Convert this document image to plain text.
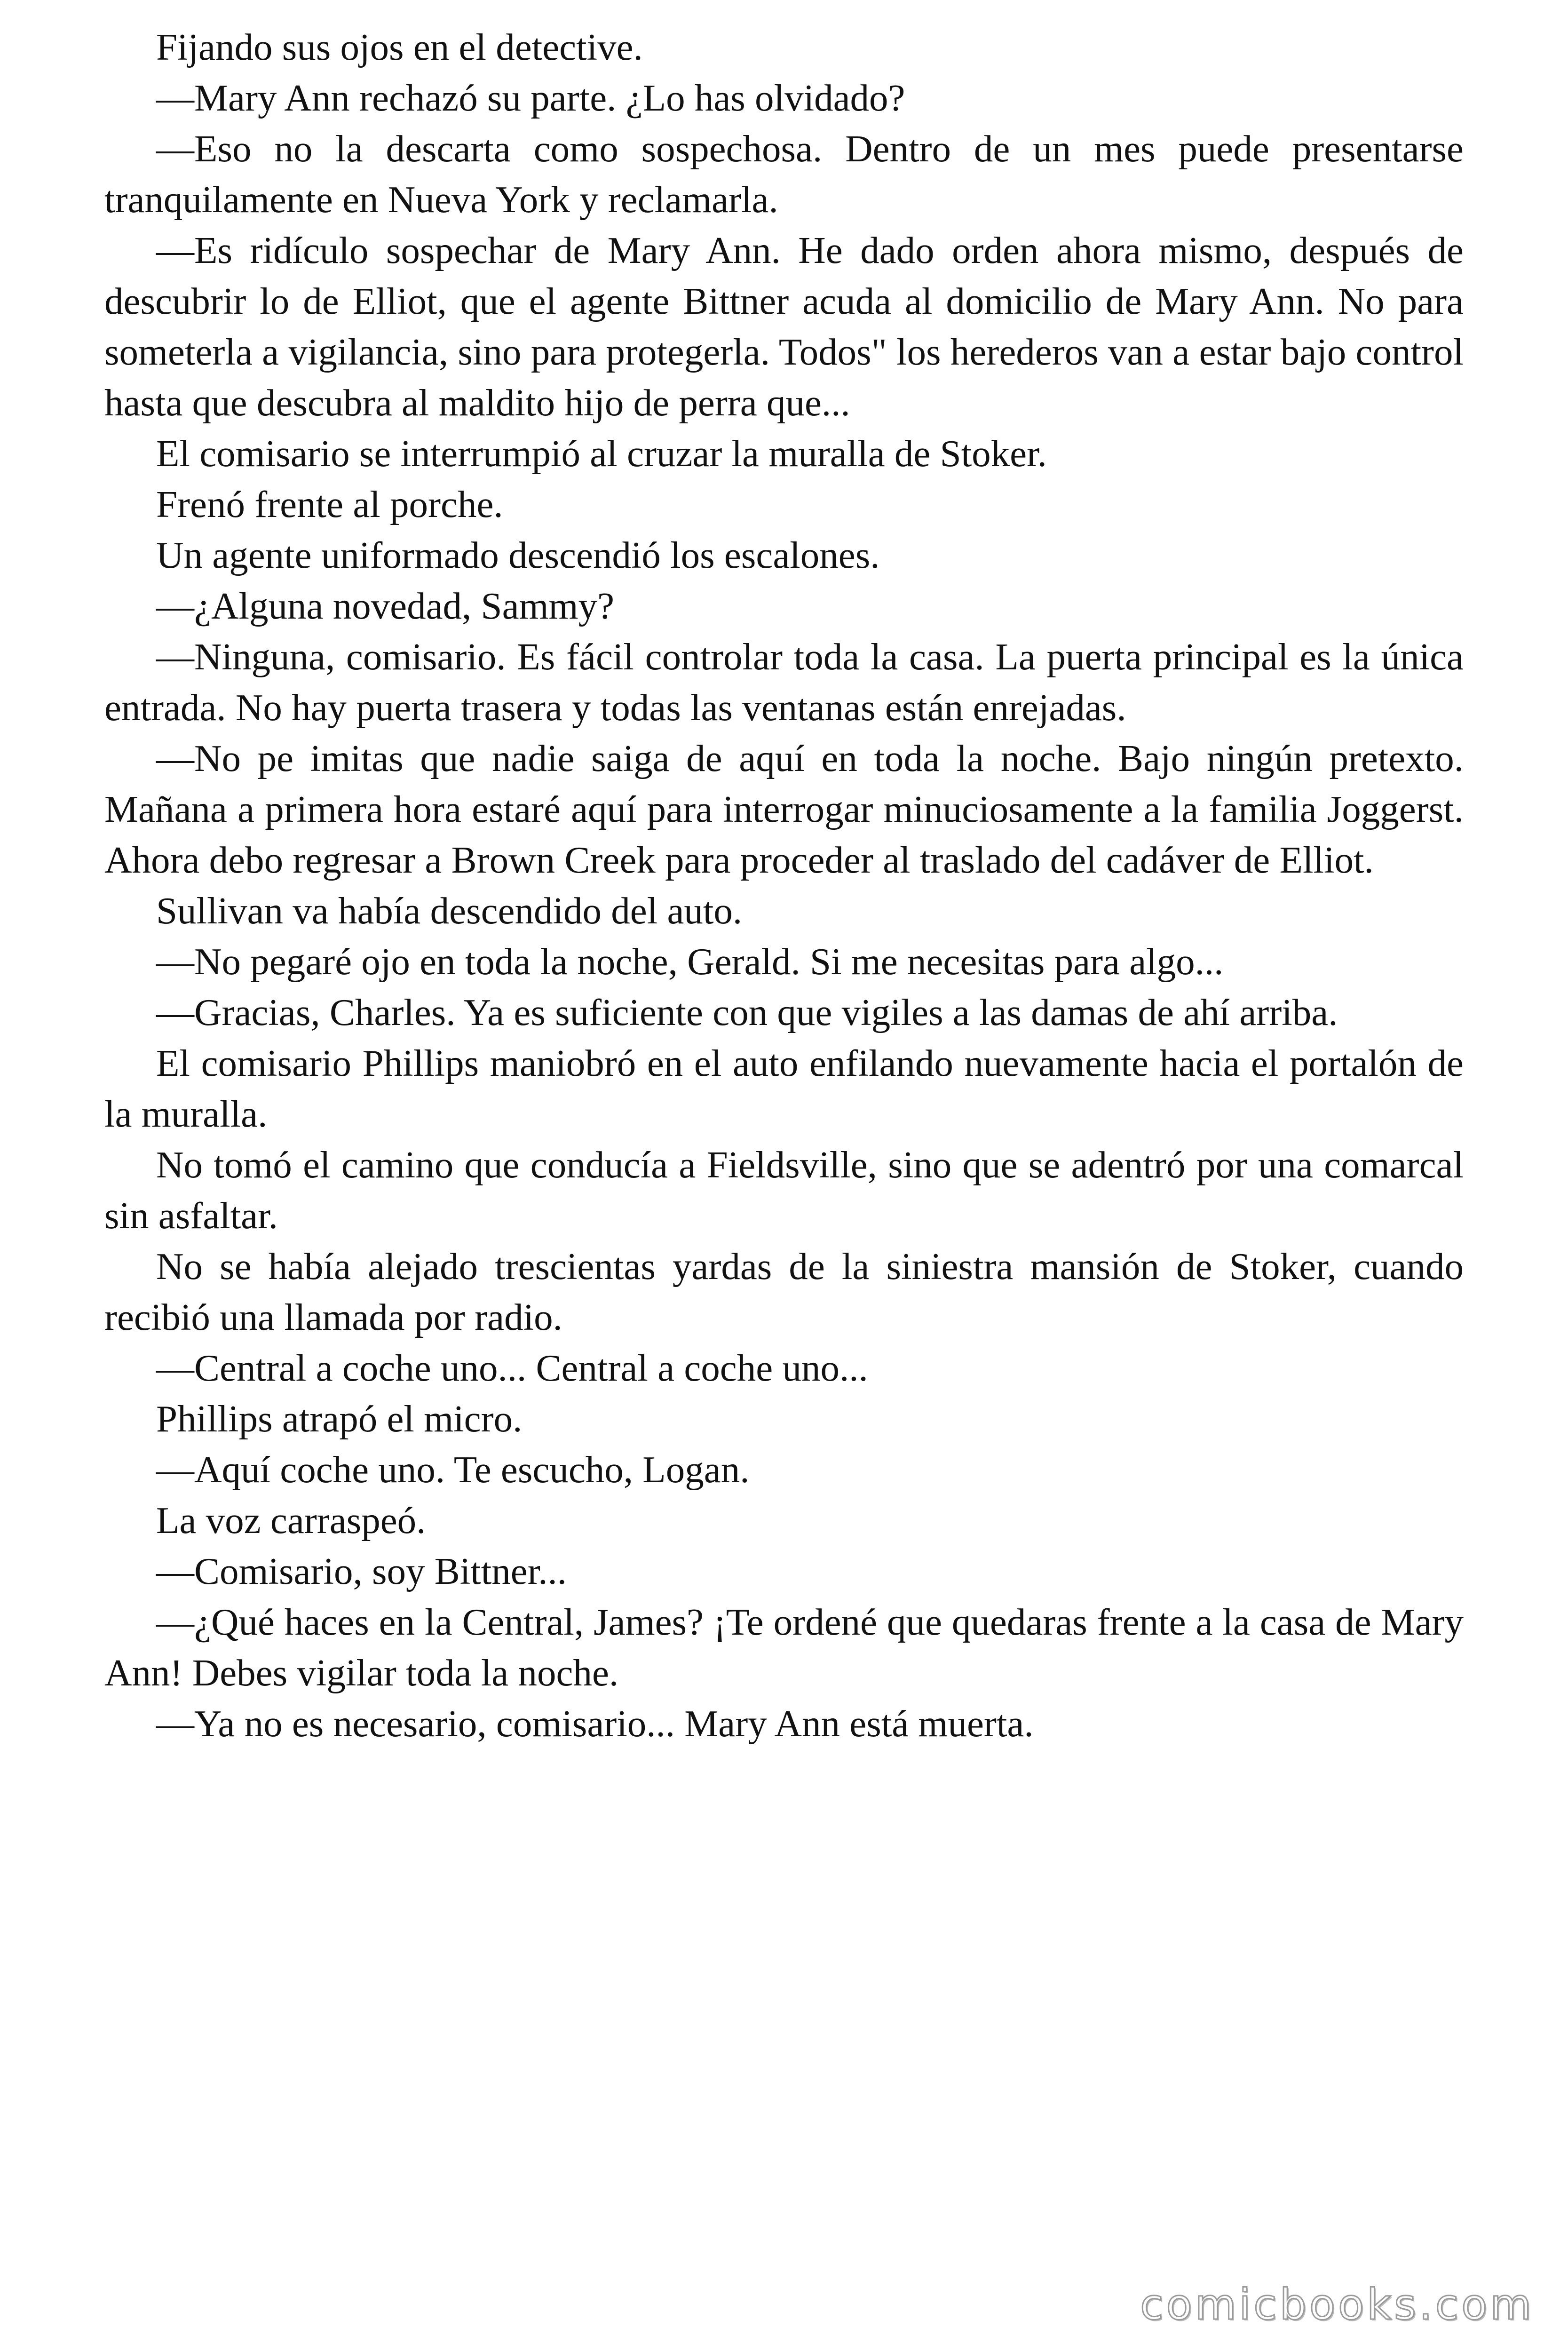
Fijando sus ojos en el detective.

—Mary Ann rechazó su parte. ¿Lo has olvidado?

—Eso no la descarta como sospechosa. Dentro de un mes puede presentarse tranquilamente en Nueva York y reclamarla.

—Es ridículo sospechar de Mary Ann. He dado orden ahora mismo, después de descubrir lo de Elliot, que el agente Bittner acuda al domicilio de Mary Ann. No para someterla a vigilancia, sino para protegerla. Todos" los herederos van a estar bajo control hasta que descubra al maldito hijo de perra que...

El comisario se interrumpió al cruzar la muralla de Stoker.

Frenó frente al porche.

Un agente uniformado descendió los escalones.

—¿Alguna novedad, Sammy?

—Ninguna, comisario. Es fácil controlar toda la casa. La puerta principal es la única entrada. No hay puerta trasera y todas las ventanas están enrejadas.

—No pe imitas que nadie saiga de aquí en toda la noche. Bajo ningún pretexto. Mañana a primera hora estaré aquí para interrogar minuciosamente a la familia Joggerst. Ahora debo regresar a Brown Creek para proceder al traslado del cadáver de Elliot.

Sullivan va había descendido del auto.

—No pegaré ojo en toda la noche, Gerald. Si me necesitas para algo...

—Gracias, Charles. Ya es suficiente con que vigiles a las damas de ahí arriba.

El comisario Phillips maniobró en el auto enfilando nuevamente hacia el portalón de la muralla.

No tomó el camino que conducía a Fieldsville, sino que se adentró por una comarcal sin asfaltar.

No se había alejado trescientas yardas de la siniestra mansión de Stoker, cuando recibió una llamada por radio.

—Central a coche uno... Central a coche uno...

Phillips atrapó el micro.

—Aquí coche uno. Te escucho, Logan.

La voz carraspeó.

—Comisario, soy Bittner...

—¿Qué haces en la Central, James? ¡Te ordené que quedaras frente a la casa de Mary Ann! Debes vigilar toda la noche.

—Ya no es necesario, comisario... Mary Ann está muerta.

comicbooks.com
